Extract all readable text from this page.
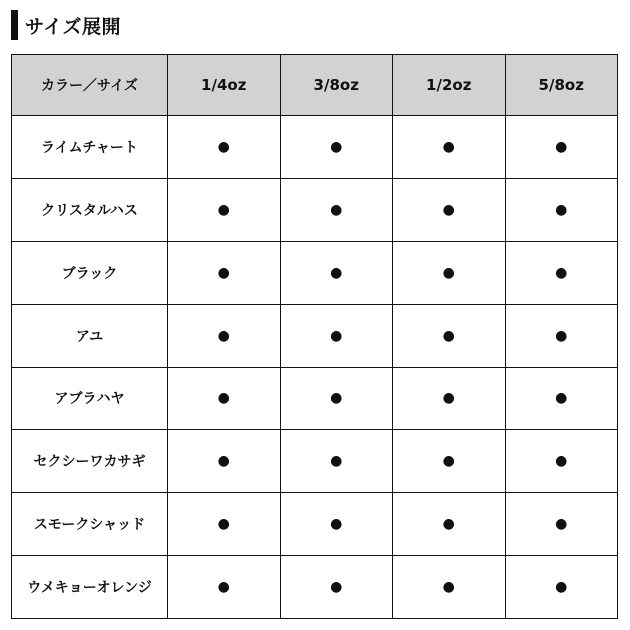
サイズ展開
カラー／サイズ	1/4oz	3/8oz	1/2oz	5/8oz
ライムチャート	●	●	●	●
クリスタルハス	●	●	●	●
ブラック	●	●	●	●
アユ	●	●	●	●
アブラハヤ	●	●	●	●
セクシーワカサギ	●	●	●	●
スモークシャッド	●	●	●	●
ウメキョーオレンジ	●	●	●	●
